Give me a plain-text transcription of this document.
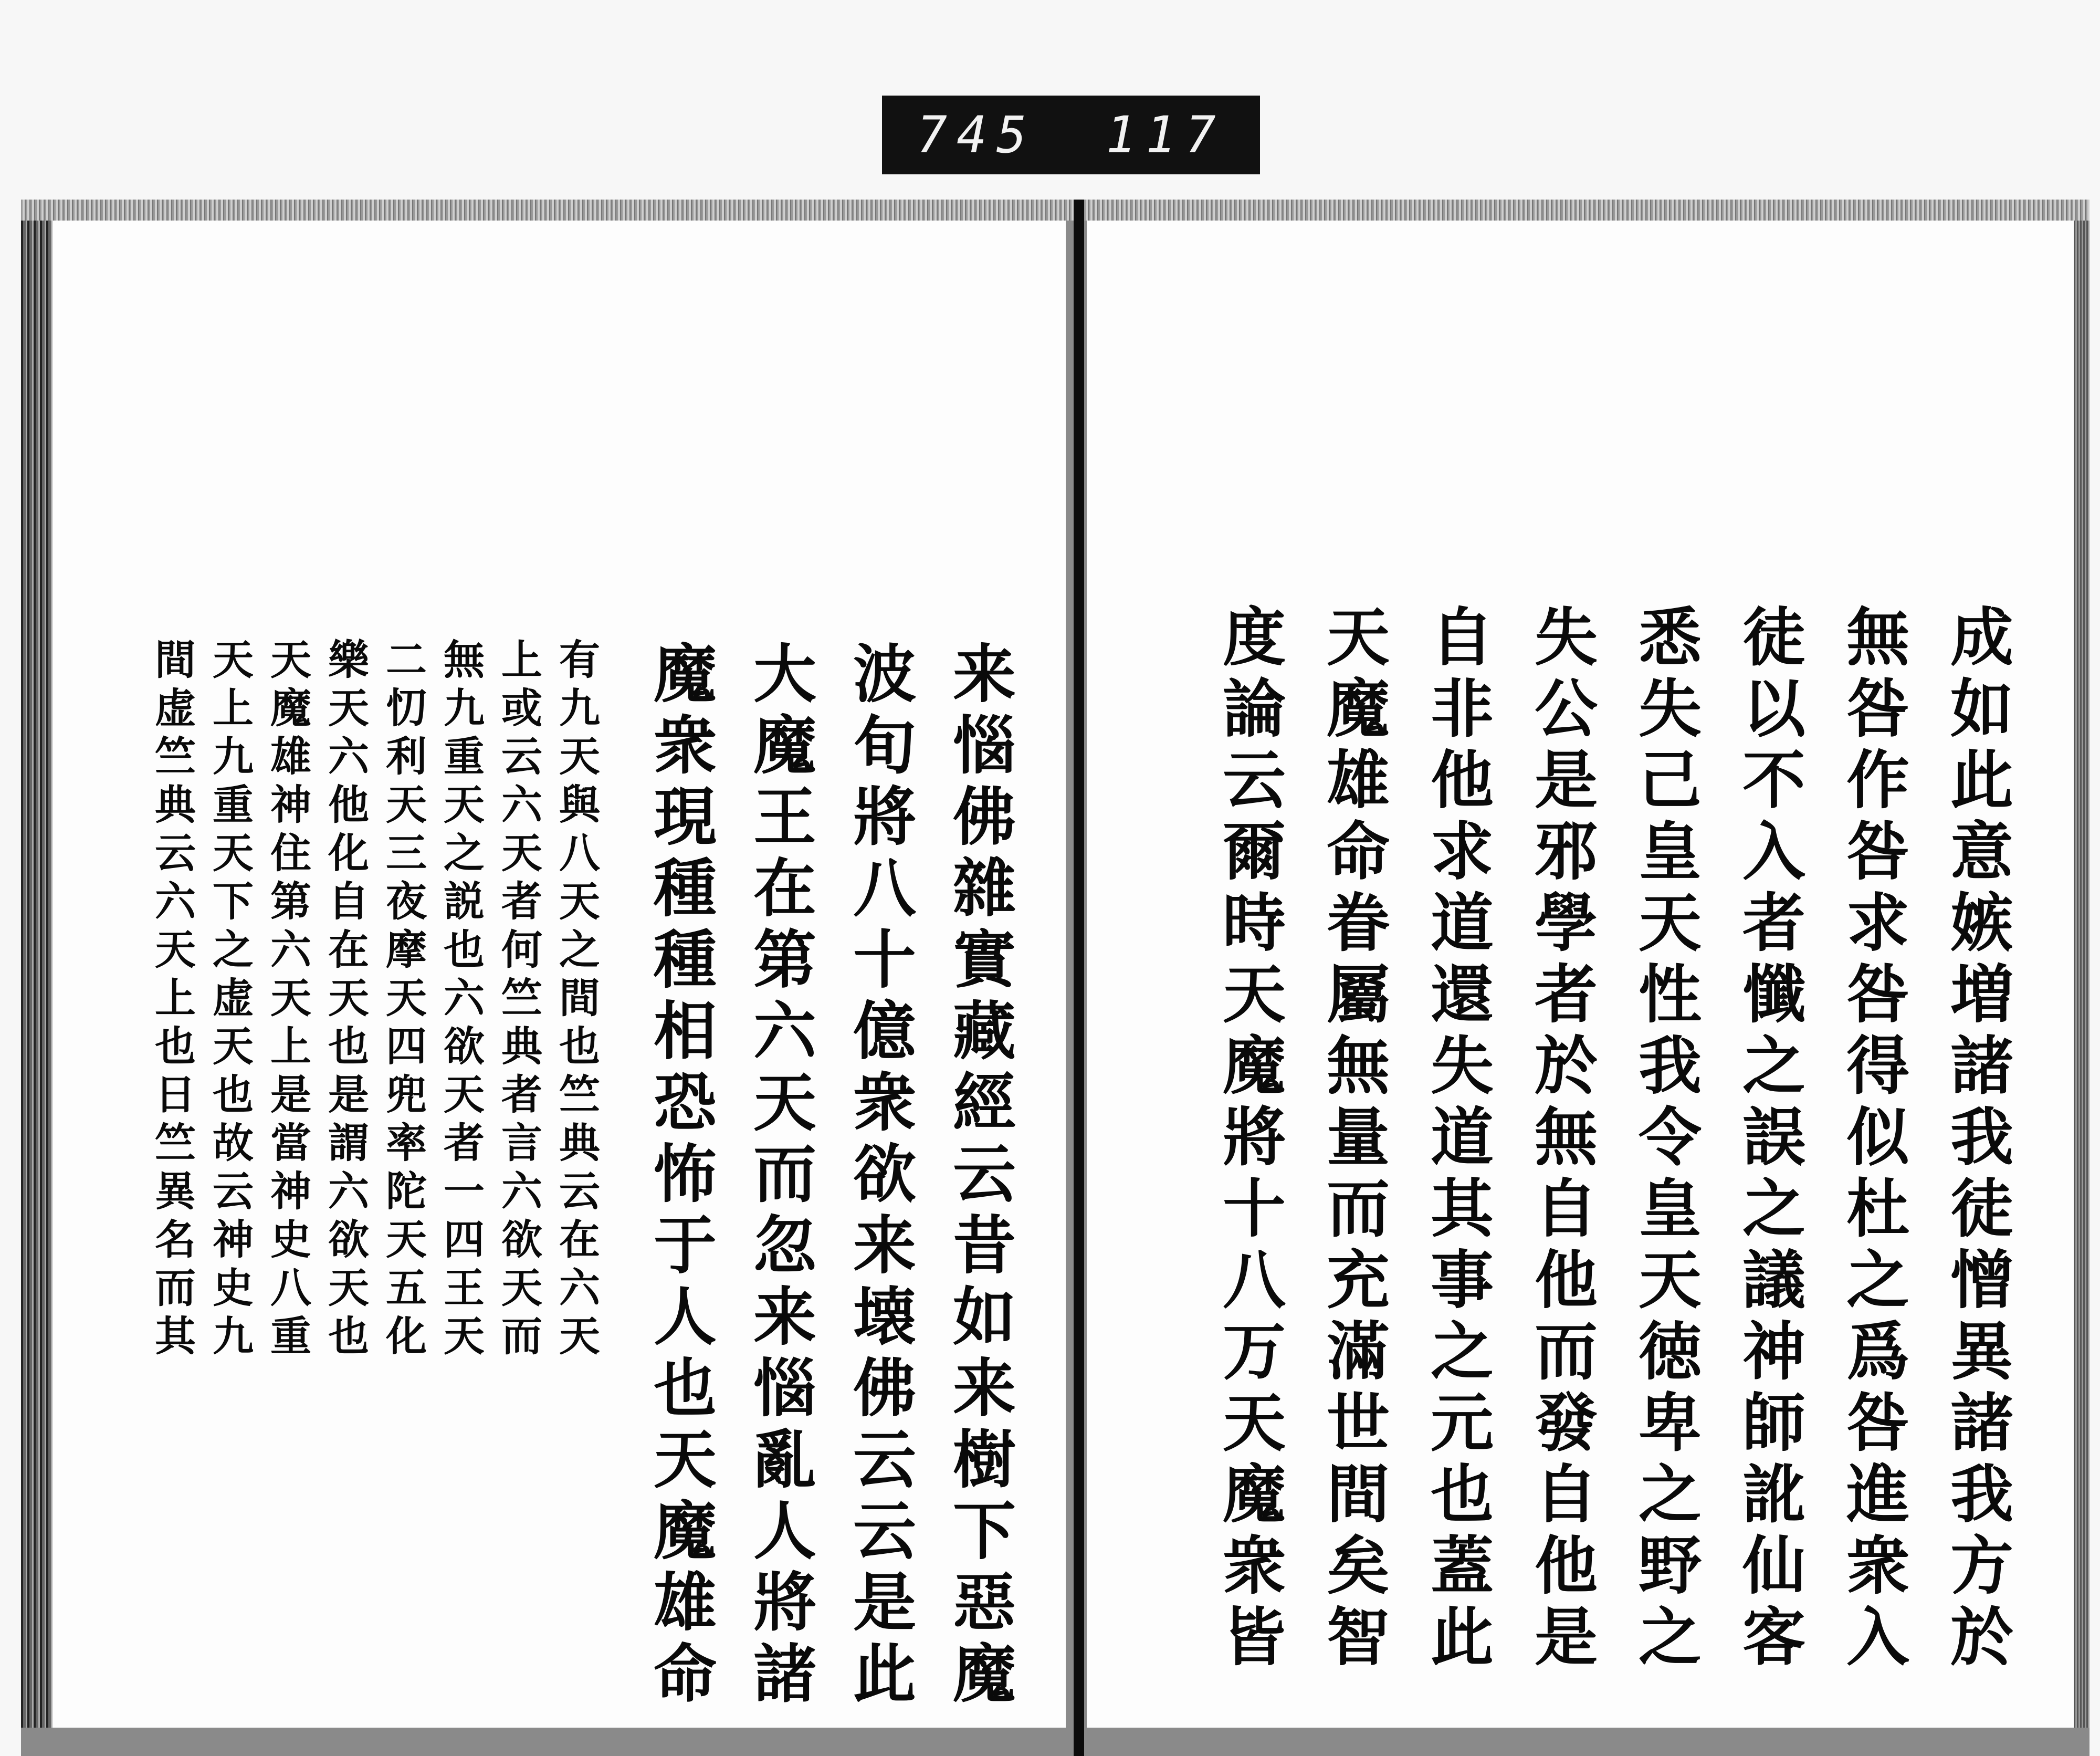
745 117
有九天與八天之間也竺典云在六天
上或云六天者何竺典者言六欲天而
無九重天之説也六欲天者一四王天
二忉利天三夜摩天四兜率陀天五化
樂天六他化自在天也是謂六欲天也
天魔雄神住第六天上是當神史八重
天上九重天下之虚天也故云神史九
間虚竺典云六天上也日竺異名而其	来惱佛雜實藏經云昔如来樹下惡魔
波旬將八十億衆欲来壊佛云云是此
大魔王在第六天而忽来惱亂人將諸
魔衆現種種相恐怖于人也天魔雄命	成如此意嫉増諸我徒憎異諸我方於
無咎作咎求咎得似杜之爲咎進衆入
徒以不入者懺之誤之議神師訛仙客
悉失己皇天性我令皇天徳卑之野之
失公是邪學者於無自他而發自他是
自非他求道還失道其事之元也蓋此
天魔雄命眷屬無量而充滿世間矣智
度論云爾時天魔將十八万天魔衆皆
